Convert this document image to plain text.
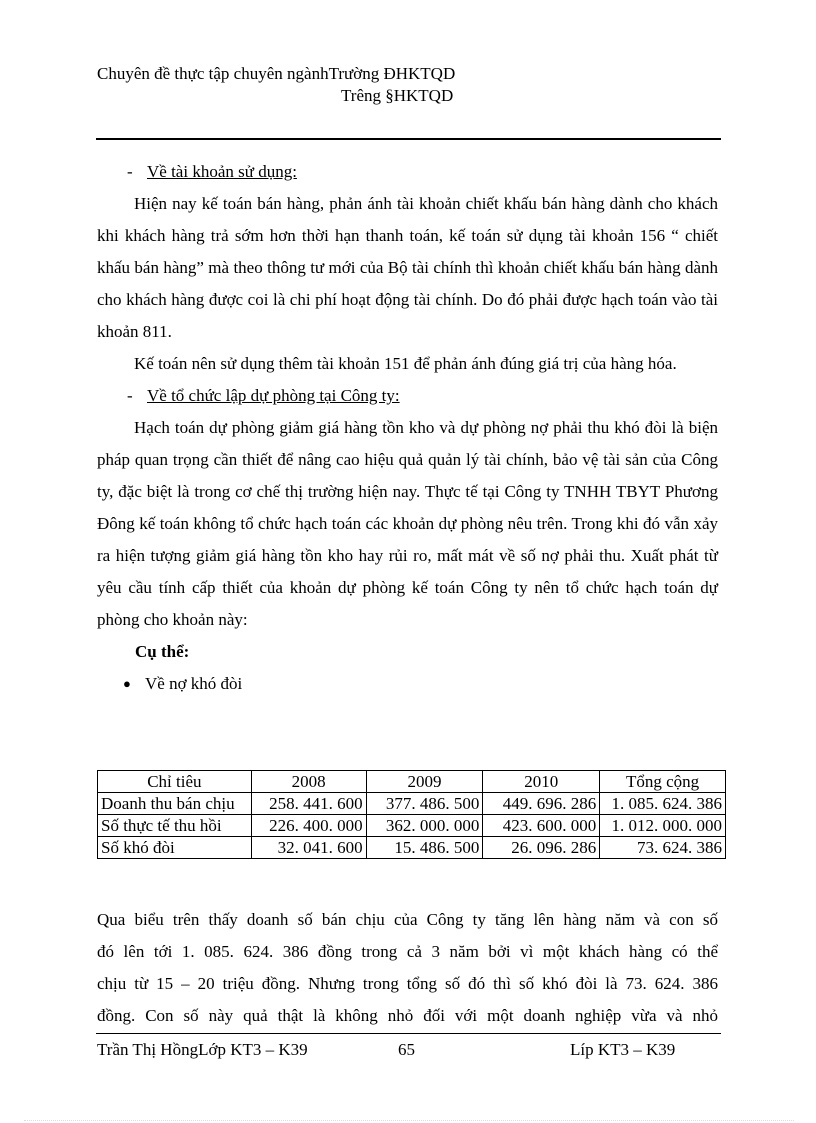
Chuyên đề thực tập chuyên ngànhTrường ĐHKTQD
Trêng §HKTQD

- Về tài khoản sử dụng:

Hiện nay kế toán bán hàng, phản ánh tài khoản chiết khấu bán hàng dành cho khách khi khách hàng trả sớm hơn thời hạn thanh toán, kế toán sử dụng tài khoản 156 “ chiết khấu bán hàng” mà theo thông tư mới của Bộ tài chính thì khoản chiết khấu bán hàng dành cho khách hàng được coi là chi phí hoạt động tài chính. Do đó phải được hạch toán vào tài khoản 811.

Kế toán nên sử dụng thêm tài khoản 151 để phản ánh đúng giá trị của hàng hóa.

- Về tổ chức lập dự phòng tại Công ty:

Hạch toán dự phòng giảm giá hàng tồn kho và dự phòng nợ phải thu khó đòi là biện pháp quan trọng cần thiết để nâng cao hiệu quả quản lý tài chính, bảo vệ tài sản của Công ty, đặc biệt là trong cơ chế thị trường hiện nay. Thực tế tại Công ty TNHH TBYT Phương Đông kế toán không tổ chức hạch toán các khoản dự phòng nêu trên. Trong khi đó vẫn xảy ra hiện tượng giảm giá hàng tồn kho hay rủi ro, mất mát về số nợ phải thu. Xuất phát từ yêu cầu tính cấp thiết của khoản dự phòng kế toán Công ty nên tổ chức hạch toán dự phòng cho khoản này:

Cụ thể:

● Về nợ khó đòi

Chỉ tiêu	2008	2009	2010	Tổng cộng
Doanh thu bán chịu	258. 441. 600	377. 486. 500	449. 696. 286	1. 085. 624. 386
Số thực tế thu hồi	226. 400. 000	362. 000. 000	423. 600. 000	1. 012. 000. 000
Số khó đòi	32. 041. 600	15. 486. 500	26. 096. 286	73. 624. 386

Qua biểu trên thấy doanh số bán chịu của Công ty tăng lên hàng năm và con số

đó lên tới 1. 085. 624. 386 đồng trong cả 3 năm bởi vì một khách hàng có thể

chịu từ 15 – 20 triệu đồng. Nhưng trong tổng số đó thì số khó đòi là 73. 624. 386

đồng. Con số này quả thật là không nhỏ đối với một doanh nghiệp vừa và nhỏ

Trần Thị HồngLớp KT3 – K39	65	Líp KT3 – K39
